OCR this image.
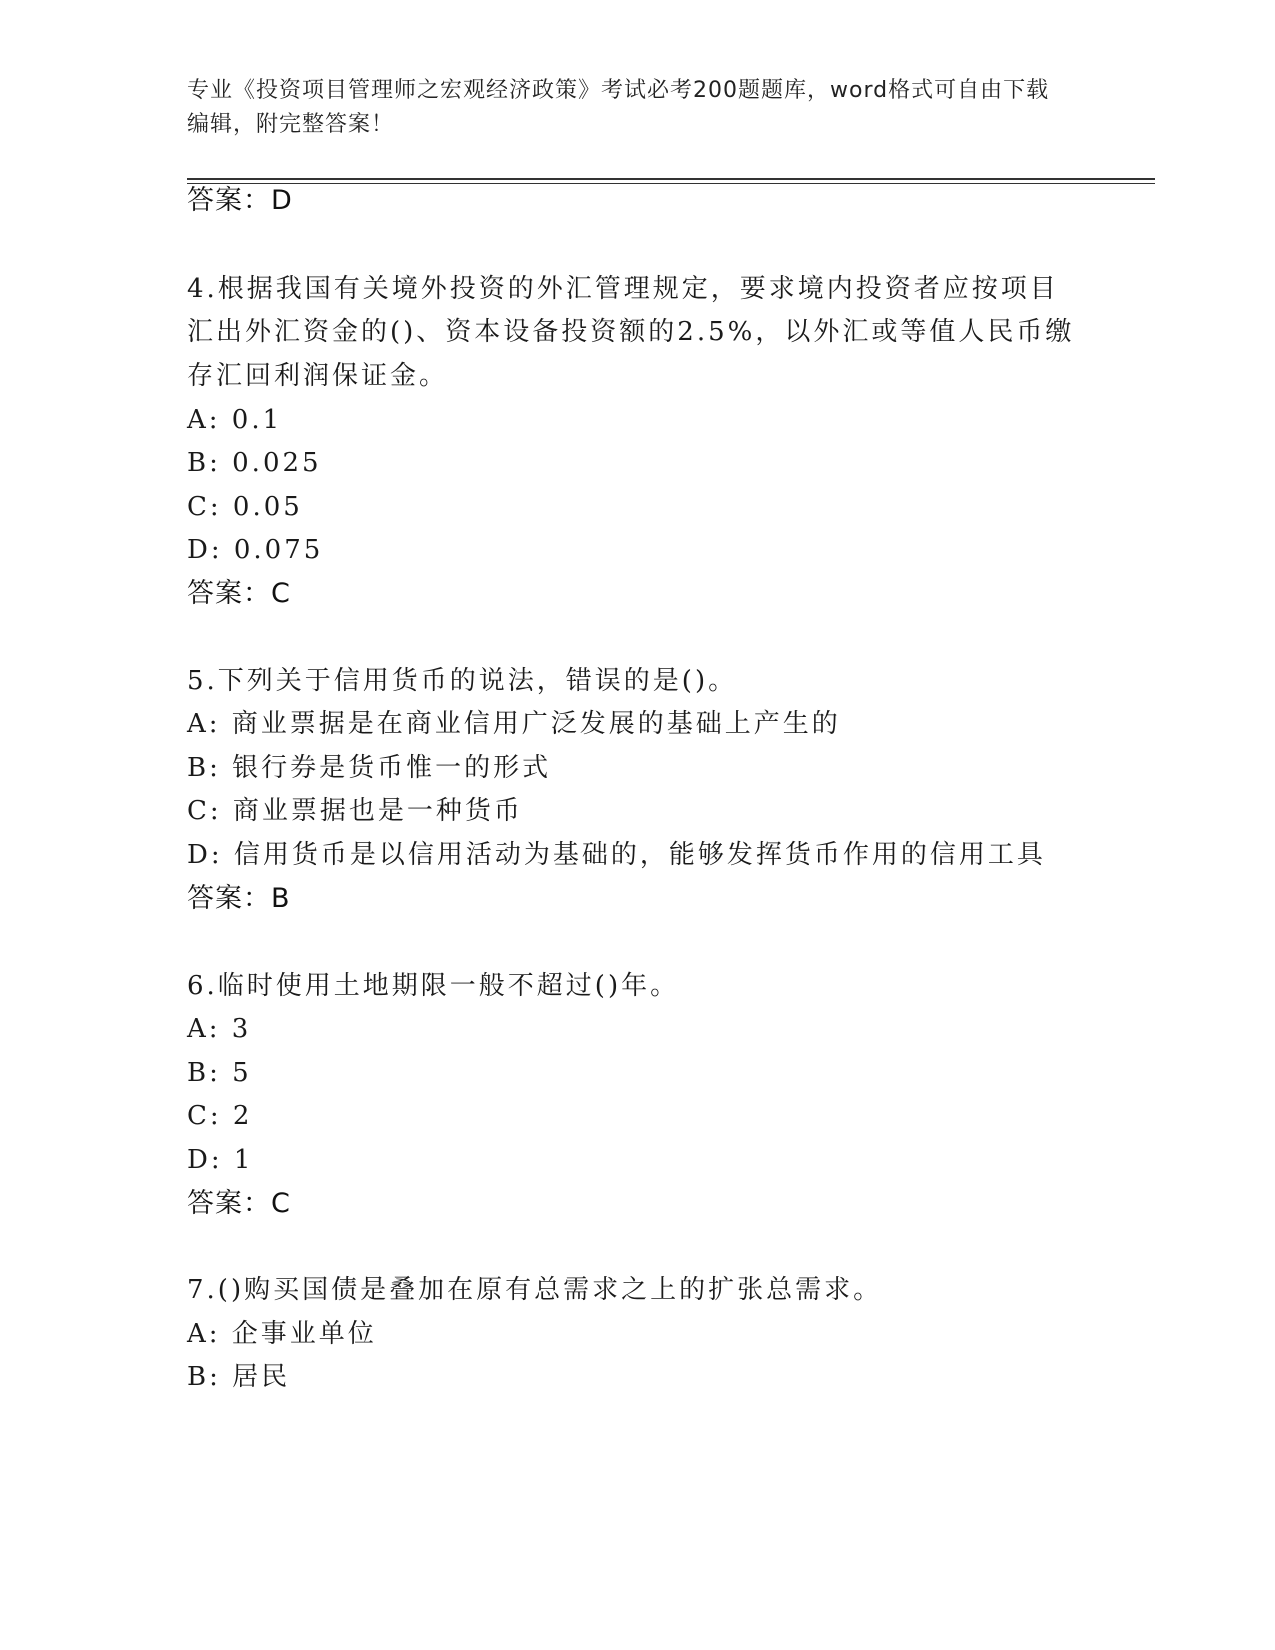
专业《投资项目管理师之宏观经济政策》考试必考200题题库，word格式可自由下载编辑，附完整答案！
答案：D
4.根据我国有关境外投资的外汇管理规定，要求境内投资者应按项目
汇出外汇资金的()、资本设备投资额的2.5%，以外汇或等值人民币缴
存汇回利润保证金。
A: 0.1
B: 0.025
C: 0.05
D: 0.075
答案：C
5.下列关于信用货币的说法，错误的是()。
A: 商业票据是在商业信用广泛发展的基础上产生的
B: 银行券是货币惟一的形式
C: 商业票据也是一种货币
D: 信用货币是以信用活动为基础的，能够发挥货币作用的信用工具
答案：B
6.临时使用土地期限一般不超过()年。
A: 3
B: 5
C: 2
D: 1
答案：C
7.()购买国债是叠加在原有总需求之上的扩张总需求。
A: 企事业单位
B: 居民
